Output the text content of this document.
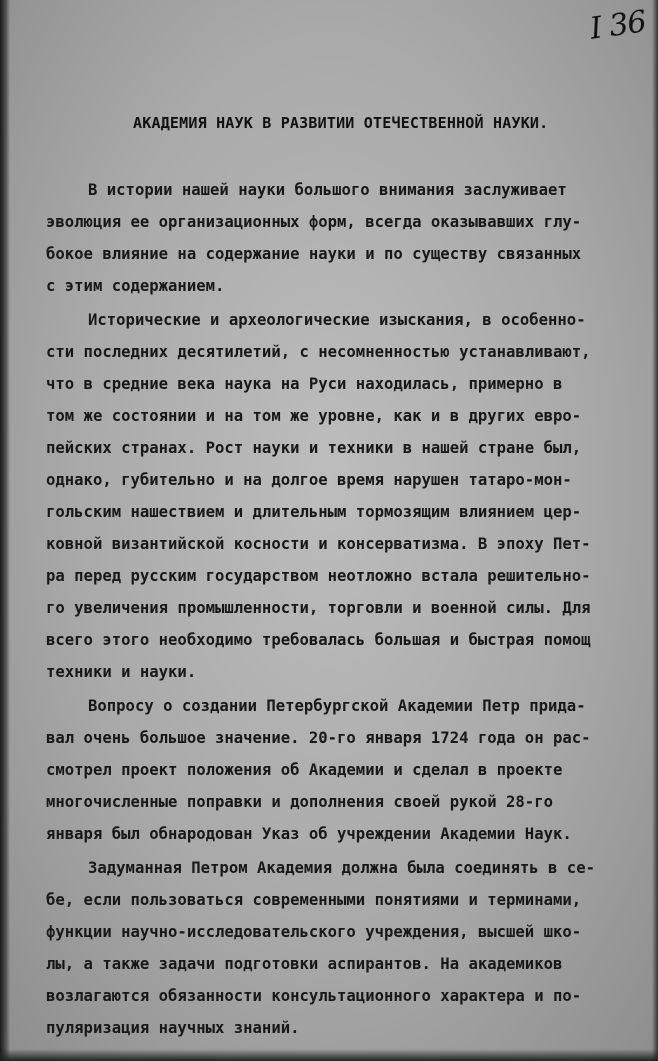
I 36
АКАДЕМИЯ НАУК В РАЗВИТИИ ОТЕЧЕСТВЕННОЙ НАУКИ.
В истории нашей науки большого внимания заслуживает
эволюция ее организационных форм, всегда оказывавших глу-
бокое влияние на содержание науки и по существу связанных
с этим содержанием.
Исторические и археологические изыскания, в особенно-
сти последних десятилетий, с несомненностью устанавливают,
что в средние века наука на Руси находилась, примерно в
том же состоянии и на том же уровне, как и в других евро-
пейских странах. Рост науки и техники в нашей стране был,
однако, губительно и на долгое время нарушен татаро-мон-
гольским нашествием и длительным тормозящим влиянием цер-
ковной византийской косности и консерватизма. В эпоху Пет-
ра перед русским государством неотложно встала решительно-
го увеличения промышленности, торговли и военной силы. Для
всего этого необходимо требовалась большая и быстрая помощ
техники и науки.
Вопросу о создании Петербургской Академии Петр прида-
вал очень большое значение. 20-го января 1724 года он рас-
смотрел проект положения об Академии и сделал в проекте
многочисленные поправки и дополнения своей рукой 28-го
января был обнародован Указ об учреждении Академии Наук.
Задуманная Петром Академия должна была соединять в се-
бе, если пользоваться современными понятиями и терминами,
функции научно-исследовательского учреждения, высшей шко-
лы, а также задачи подготовки аспирантов. На академиков
возлагаются обязанности консультационного характера и по-
пуляризация научных знаний.
